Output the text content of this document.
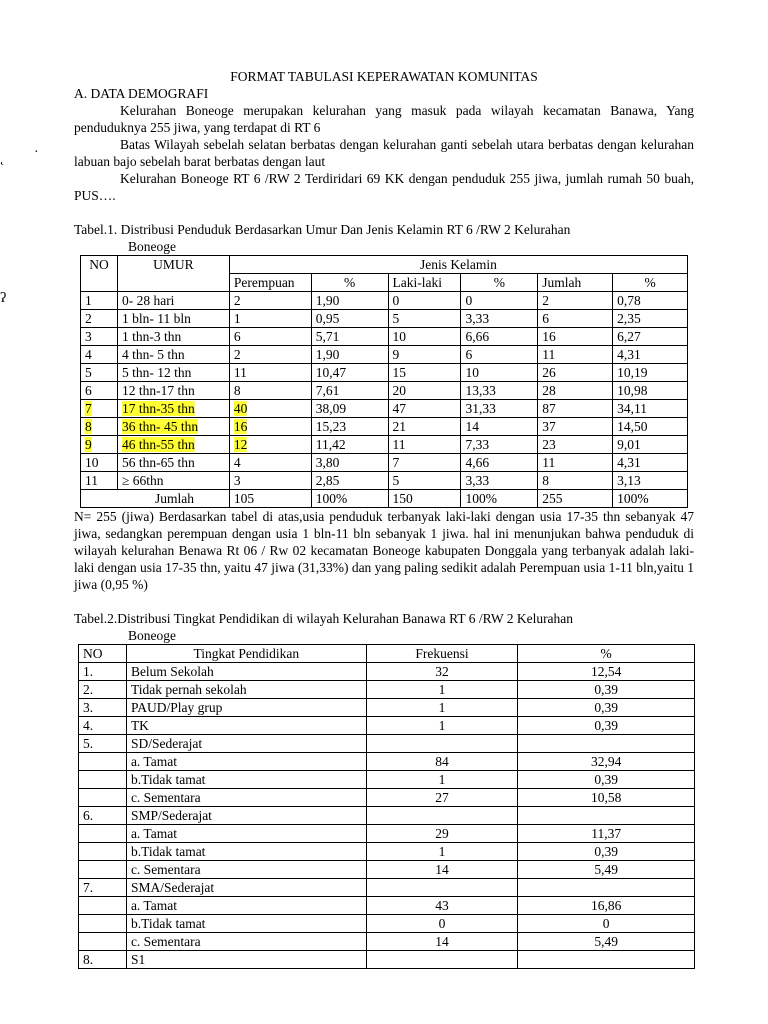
˛ ·
ʔ
FORMAT TABULASI KEPERAWATAN KOMUNITAS
A. DATA DEMOGRAFI
Kelurahan Boneoge merupakan kelurahan yang masuk pada wilayah kecamatan Banawa, Yang penduduknya 255 jiwa, yang terdapat di RT 6
Batas Wilayah sebelah selatan berbatas dengan kelurahan ganti sebelah utara berbatas dengan kelurahan labuan bajo sebelah barat berbatas dengan laut
Kelurahan Boneoge RT 6 /RW 2 Terdiridari 69 KK dengan penduduk 255 jiwa, jumlah rumah 50 buah, PUS….
Tabel.1. Distribusi Penduduk Berdasarkan Umur Dan Jenis Kelamin RT 6 /RW 2 Kelurahan
Boneoge
NO	UMUR	Jenis Kelamin					
		Perempuan	%	Laki-laki	%	Jumlah	%
1	0- 28 hari	2	1,90	0	0	2	0,78
2	1 bln- 11 bln	1	0,95	5	3,33	6	2,35
3	1 thn-3 thn	6	5,71	10	6,66	16	6,27
4	4 thn- 5 thn	2	1,90	9	6	11	4,31
5	5 thn- 12 thn	11	10,47	15	10	26	10,19
6	12 thn-17 thn	8	7,61	20	13,33	28	10,98
7	17 thn-35 thn	40	38,09	47	31,33	87	34,11
8	36 thn- 45 thn	16	15,23	21	14	37	14,50
9	46 thn-55 thn	12	11,42	11	7,33	23	9,01
10	56 thn-65 thn	4	3,80	7	4,66	11	4,31
11	≥ 66thn	3	2,85	5	3,33	8	3,13
Jumlah		105	100%	150	100%	255	100%
N= 255 (jiwa) Berdasarkan tabel di atas,usia penduduk terbanyak laki-laki dengan usia 17-35 thn sebanyak 47 jiwa, sedangkan perempuan dengan usia 1 bln-11 bln sebanyak 1 jiwa. hal ini menunjukan bahwa penduduk di wilayah kelurahan Benawa Rt 06 / Rw 02 kecamatan Boneoge kabupaten Donggala yang terbanyak adalah laki-laki dengan usia 17-35 thn, yaitu 47 jiwa (31,33%) dan yang paling sedikit adalah Perempuan usia 1-11 bln,yaitu 1 jiwa (0,95 %)
Tabel.2.Distribusi Tingkat Pendidikan di wilayah Kelurahan Banawa RT 6 /RW 2 Kelurahan
Boneoge
NO	Tingkat Pendidikan	Frekuensi	%
1.	Belum Sekolah	32	12,54
2.	Tidak pernah sekolah	1	0,39
3.	PAUD/Play grup	1	0,39
4.	TK	1	0,39
5.	SD/Sederajat		
	a. Tamat	84	32,94
	b.Tidak tamat	1	0,39
	c. Sementara	27	10,58
6.	SMP/Sederajat		
	a. Tamat	29	11,37
	b.Tidak tamat	1	0,39
	c. Sementara	14	5,49
7.	SMA/Sederajat		
	a. Tamat	43	16,86
	b.Tidak tamat	0	0
	c. Sementara	14	5,49
8.	S1		
